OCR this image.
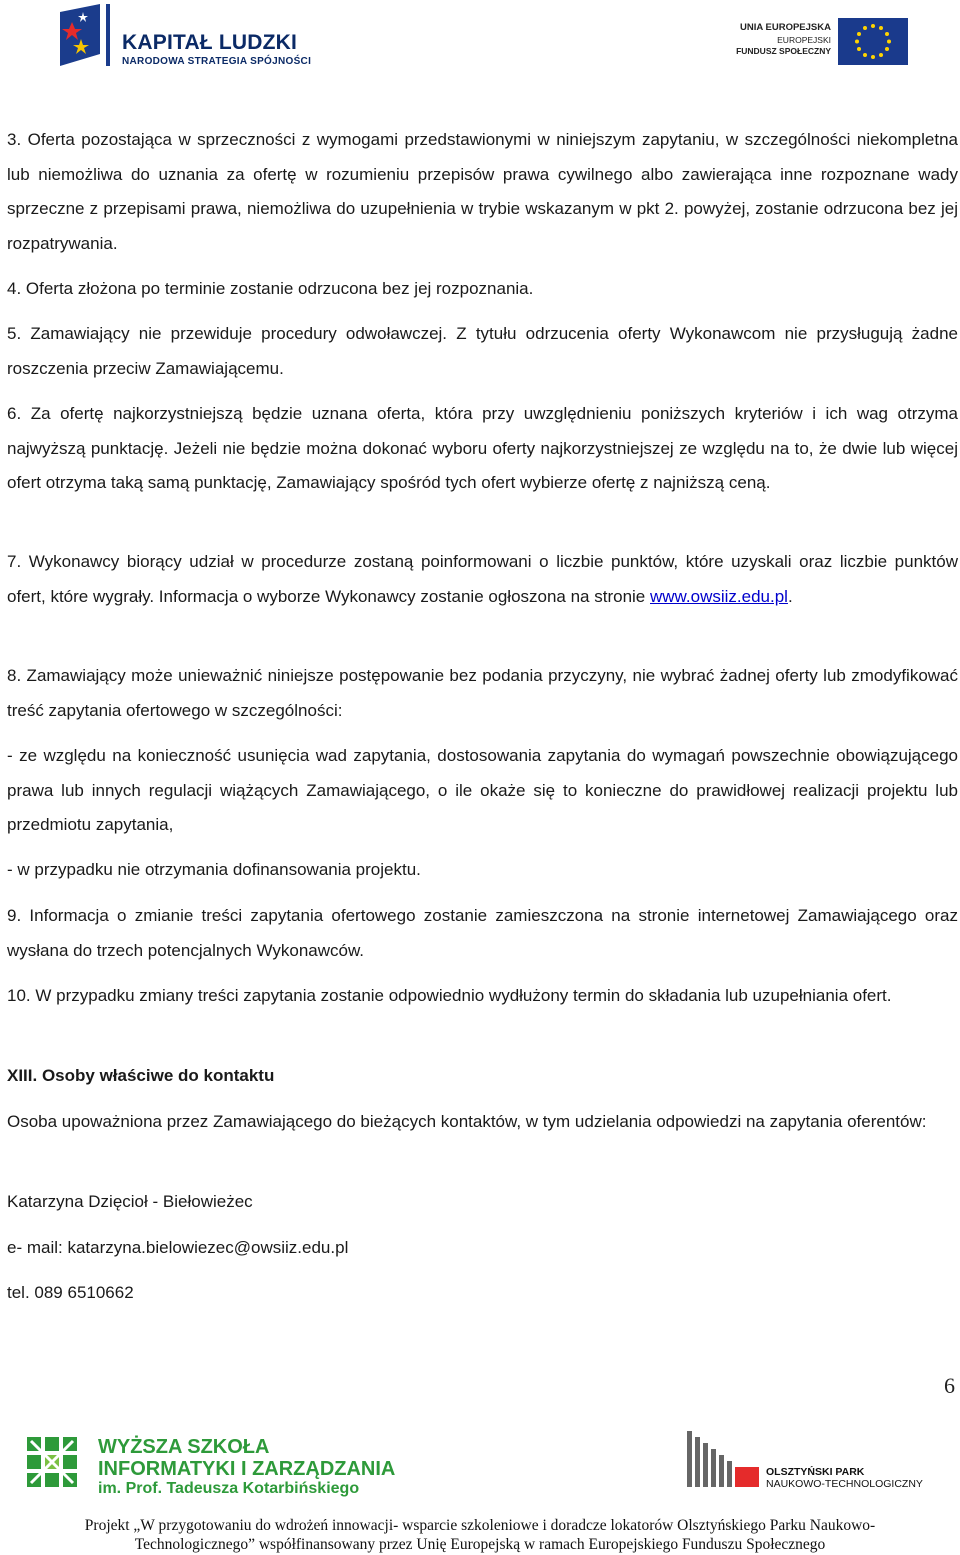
KAPITAŁ LUDZKI
NARODOWA STRATEGIA SPÓJNOŚCI
UNIA EUROPEJSKA
EUROPEJSKI
FUNDUSZ SPOŁECZNY

3. Oferta pozostająca w sprzeczności z wymogami przedstawionymi w niniejszym zapytaniu, w szczególności niekompletna lub niemożliwa do uznania za ofertę w rozumieniu przepisów prawa cywilnego albo zawierająca inne rozpoznane wady sprzeczne z przepisami prawa, niemożliwa do uzupełnienia w trybie wskazanym w pkt 2. powyżej, zostanie odrzucona bez jej rozpatrywania.

4. Oferta złożona po terminie zostanie odrzucona bez jej rozpoznania.

5. Zamawiający nie przewiduje procedury odwoławczej. Z tytułu odrzucenia oferty Wykonawcom nie przysługują żadne roszczenia przeciw Zamawiającemu.

6. Za ofertę najkorzystniejszą będzie uznana oferta, która przy uwzględnieniu poniższych kryteriów i ich wag otrzyma najwyższą punktację. Jeżeli nie będzie można dokonać wyboru oferty najkorzystniejszej ze względu na to, że dwie lub więcej ofert otrzyma taką samą punktację, Zamawiający spośród tych ofert wybierze ofertę z najniższą ceną.

7. Wykonawcy biorący udział w procedurze zostaną poinformowani o liczbie punktów, które uzyskali oraz liczbie punktów ofert, które wygrały. Informacja o wyborze Wykonawcy zostanie ogłoszona na stronie www.owsiiz.edu.pl.

8. Zamawiający może unieważnić niniejsze postępowanie bez podania przyczyny, nie wybrać żadnej oferty lub zmodyfikować treść zapytania ofertowego w szczególności:

- ze względu na konieczność usunięcia wad zapytania, dostosowania zapytania do wymagań powszechnie obowiązującego prawa lub innych regulacji wiążących Zamawiającego, o ile okaże się to konieczne do prawidłowej realizacji projektu lub przedmiotu zapytania,

- w przypadku nie otrzymania dofinansowania projektu.

9. Informacja o zmianie treści zapytania ofertowego zostanie zamieszczona na stronie internetowej Zamawiającego oraz wysłana do trzech potencjalnych Wykonawców.

10. W przypadku zmiany treści zapytania zostanie odpowiednio wydłużony termin do składania lub uzupełniania ofert.

XIII. Osoby właściwe do kontaktu

Osoba upoważniona przez Zamawiającego do bieżących kontaktów, w tym udzielania odpowiedzi na zapytania oferentów:

Katarzyna Dzięcioł - Biełowieżec

e- mail: katarzyna.bielowiezec@owsiiz.edu.pl

tel. 089 6510662

6
WYŻSZA SZKOŁA
INFORMATYKI I ZARZĄDZANIA
im. Prof. Tadeusza Kotarbińskiego
OLSZTYŃSKI PARK
NAUKOWO-TECHNOLOGICZNY
Projekt „W przygotowaniu do wdrożeń innowacji- wsparcie szkoleniowe i doradcze lokatorów Olsztyńskiego Parku Naukowo-
Technologicznego” współfinansowany przez Unię Europejską w ramach Europejskiego Funduszu Społecznego
